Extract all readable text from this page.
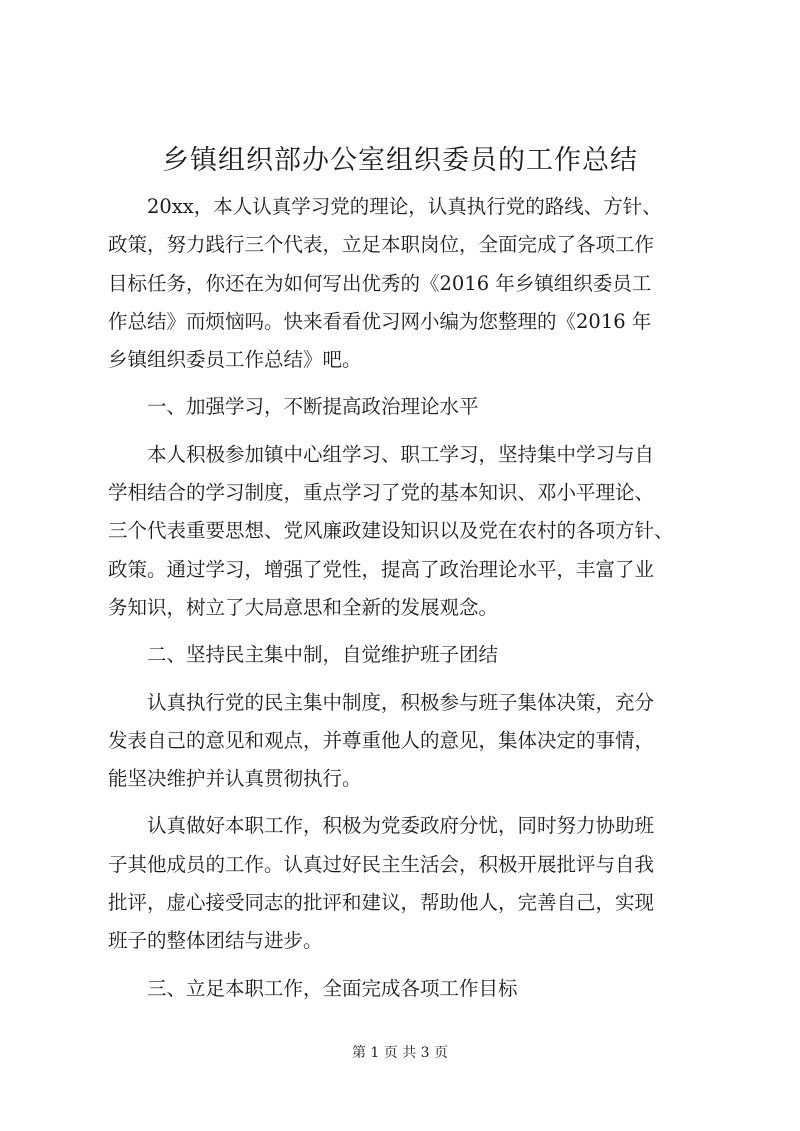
乡镇组织部办公室组织委员的工作总结

20xx，本人认真学习党的理论，认真执行党的路线、方针、
政策，努力践行三个代表，立足本职岗位，全面完成了各项工作
目标任务，你还在为如何写出优秀的《2016 年乡镇组织委员工
作总结》而烦恼吗。快来看看优习网小编为您整理的《2016 年
乡镇组织委员工作总结》吧。

一、加强学习，不断提高政治理论水平

本人积极参加镇中心组学习、职工学习，坚持集中学习与自
学相结合的学习制度，重点学习了党的基本知识、邓小平理论、
三个代表重要思想、党风廉政建设知识以及党在农村的各项方针、
政策。通过学习，增强了党性，提高了政治理论水平，丰富了业
务知识，树立了大局意思和全新的发展观念。

二、坚持民主集中制，自觉维护班子团结

认真执行党的民主集中制度，积极参与班子集体决策，充分
发表自己的意见和观点，并尊重他人的意见，集体决定的事情，
能坚决维护并认真贯彻执行。

认真做好本职工作，积极为党委政府分忧，同时努力协助班
子其他成员的工作。认真过好民主生活会，积极开展批评与自我
批评，虚心接受同志的批评和建议，帮助他人，完善自己，实现
班子的整体团结与进步。

三、立足本职工作，全面完成各项工作目标

第 1 页 共 3 页
